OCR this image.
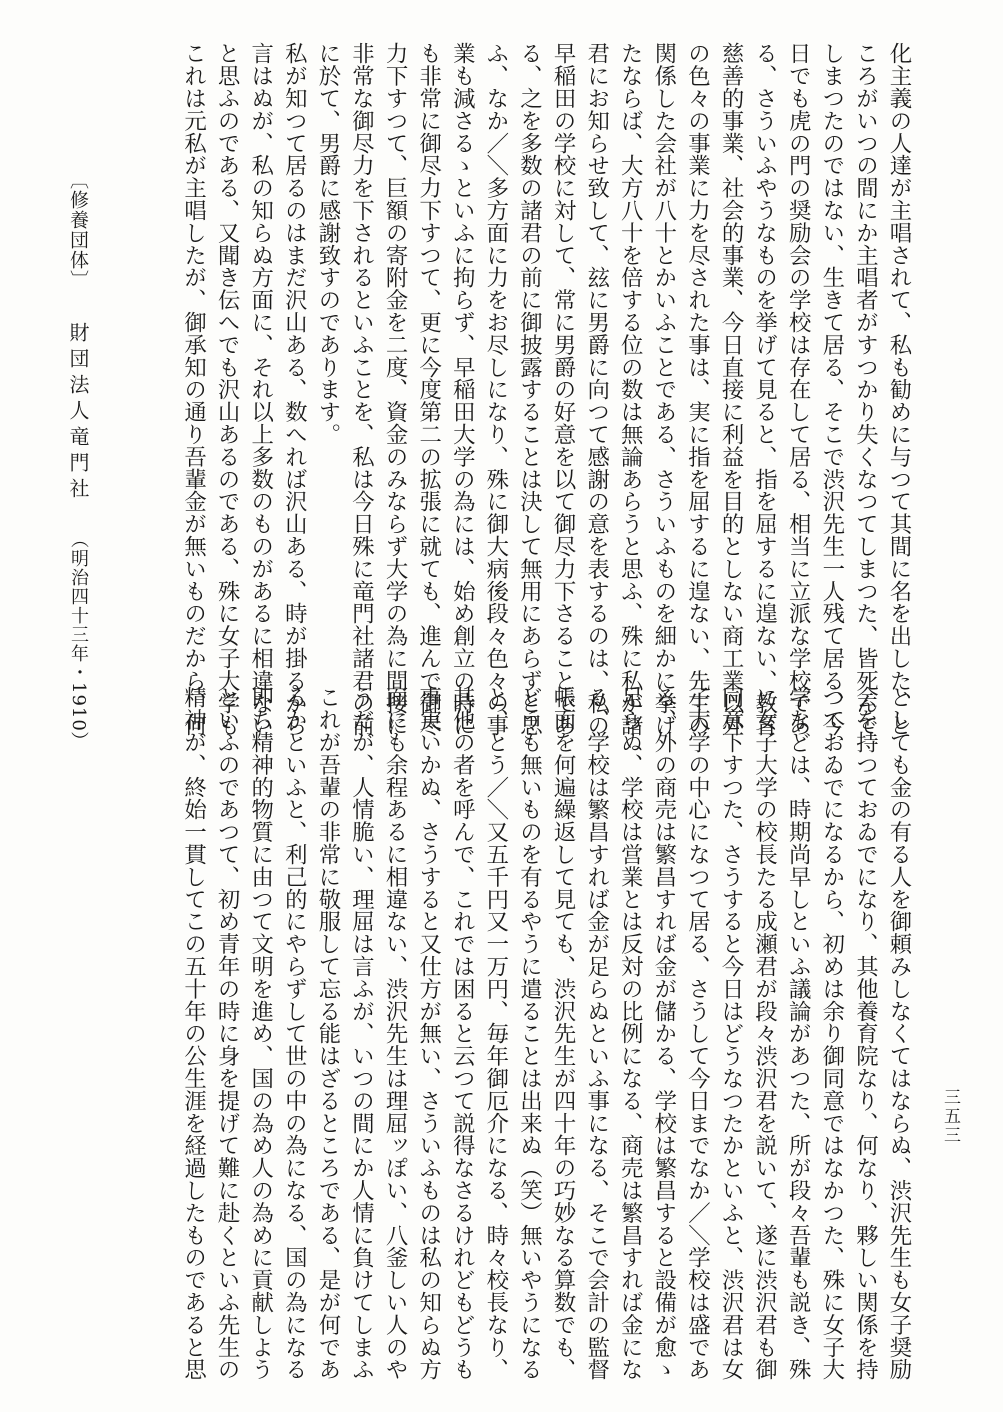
化主義の人達が主唱されて、私も勧めに与つて其間に名を出した、と
ころがいつの間にか主唱者がすつかり失くなつてしまつた、皆死んで
しまつたのではない、生きて居る、そこで渋沢先生一人残て居る、今
日でも虎の門の奨励会の学校は存在して居る、相当に立派な学校であ
る、さういふやうなものを挙げて見ると、指を屈するに遑ない、教育
慈善的事業、社会的事業、今日直接に利益を目的としない商工業以外
の色々の事業に力を尽された事は、実に指を屈するに遑ない、先生の
関係した会社が八十とかいふことである、さういふものを細かに挙げ
たならば、大方八十を倍する位の数は無論あらうと思ふ、殊に私が諸
君にお知らせ致して、玆に男爵に向つて感謝の意を表するのは、私の
早稲田の学校に対して、常に男爵の好意を以て御尽力下さることであ
る、之を多数の諸君の前に御披露することは決して無用にあらずと思
ふ、なか／＼多方面に力をお尽しになり、殊に御大病後段々色々の事
業も減さるゝといふに拘らず、早稲田大学の為には、始め創立の時に
も非常に御尽力下すつて、更に今度第二の拡張に就ても、進んで御尽
力下すつて、巨額の寄附金を二度、資金のみならず大学の為に間接に
非常な御尽力を下されるといふことを、私は今日殊に竜門社諸君の前
に於て、男爵に感謝致すのであります。
私が知つて居るのはまだ沢山ある、数へれば沢山ある、時が掛るから
言はぬが、私の知らぬ方面に、それ以上多数のものがあるに相違ない
と思ふのである、又聞き伝へでも沢山あるのである、殊に女子大学も
これは元私が主唱したが、御承知の通り吾輩金が無いものだから、何
としても金の有る人を御頼みしなくてはならぬ、渋沢先生も女子奨励
会を持つておゐでになり、其他養育院なり、何なり、夥しい関係を持
つておゐでになるから、初めは余り御同意ではなかつた、殊に女子大
学などは、時期尚早しといふ議論があつた、所が段々吾輩も説き、殊
に女子大学の校長たる成瀬君が段々渋沢君を説いて、遂に渋沢君も御
同意下すつた、さうすると今日はどうなつたかといふと、渋沢君は女
子大学の中心になつて居る、さうして今日までなか／＼学校は盛であ
る、外の商売は繁昌すれば金が儲かる、学校は繁昌すると設備が愈ゝ
足らぬ、学校は営業とは反対の比例になる、商売は繁昌すれば金にな
る、学校は繁昌すれば金が足らぬといふ事になる、そこで会計の監督
帳面を何遍繰返して見ても、渋沢先生が四十年の巧妙なる算数でも、
どうも無いものを有るやうに遣ることは出来ぬ（笑）無いやうになる
と、とう／＼又五千円又一万円、毎年御厄介になる、時々校長なり、
其他の者を呼んで、これでは困ると云つて説得なさるけれどもどうも
事実いかぬ、さうすると又仕方が無い、さういふものは私の知らぬ方
面にも余程あるに相違ない、渋沢先生は理屈ッぽい、八釜しい人のや
うだが、人情脆い、理屈は言ふが、いつの間にか人情に負けてしまふ
これが吾輩の非常に敬服して忘る能はざるところである、是が何であ
るかといふと、利己的にやらずして世の中の為になる、国の為になる
即ち精神的物質に由つて文明を進め、国の為め人の為めに貢献しよう
といふのであつて、初め青年の時に身を提げて難に赴くといふ先生の
精神が、終始一貫してこの五十年の公生涯を経過したものであると思
〔修養団体〕財団法人竜門社（明治四十三年・1910）
三五三
